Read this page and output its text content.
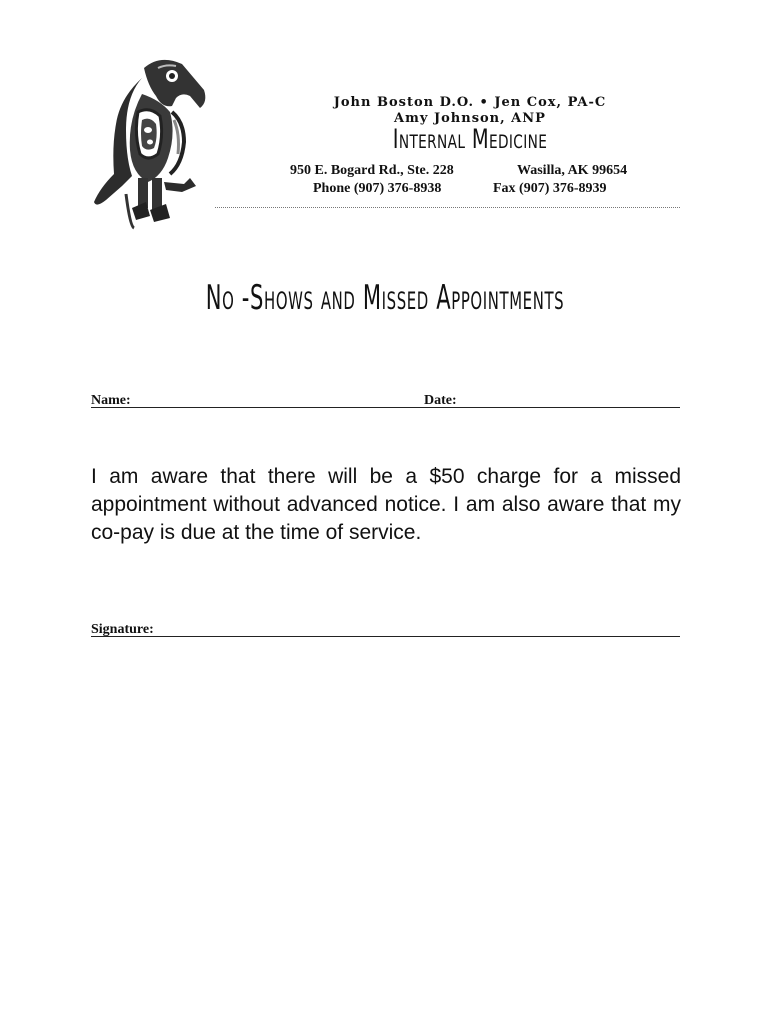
John Boston D.O. • Jen Cox, PA-C
Amy Johnson, ANP
Internal Medicine
950 E. Bogard Rd., Ste. 228	Wasilla, AK 99654
Phone (907) 376-8938	Fax (907) 376-8939
No -Shows and Missed Appointments
Name:	Date:
I am aware that there will be a $50 charge for a missed appointment without advanced notice. I am also aware that my co-pay is due at the time of service.
Signature:
